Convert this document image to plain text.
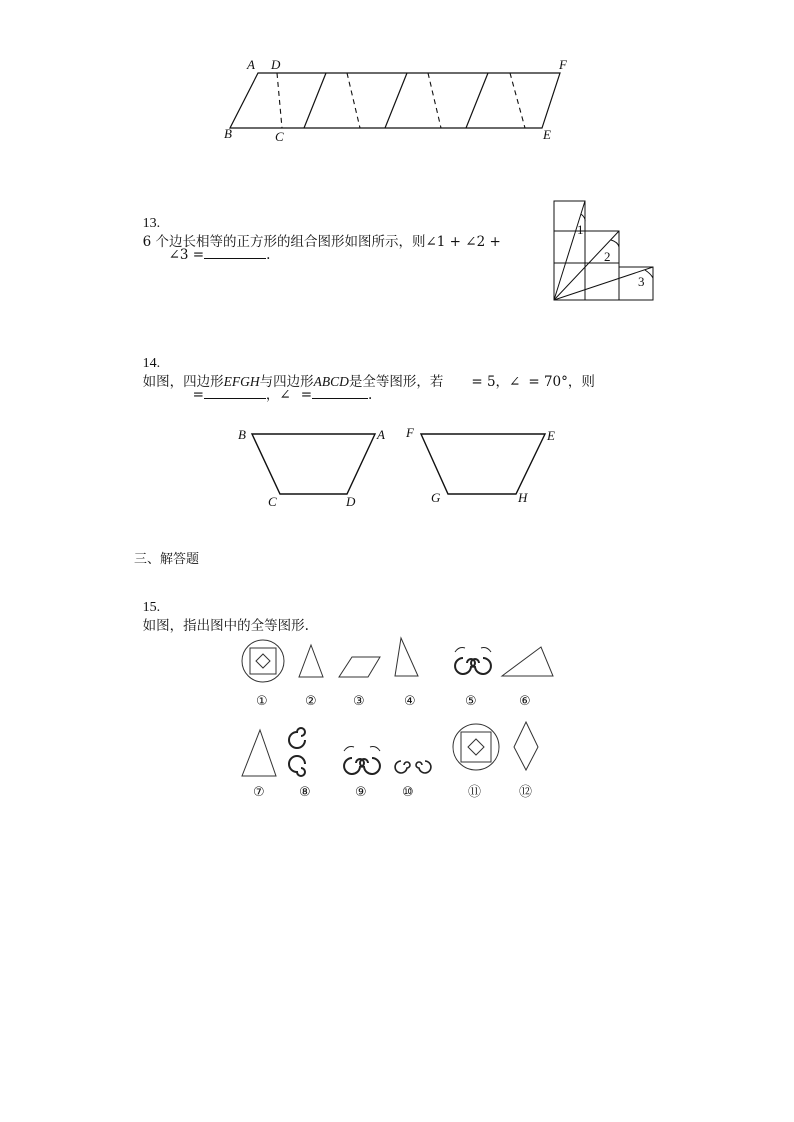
A D	F
B	C	E

13.
6 个边长相等的正方形的组合图形如图所示，则∠1 + ∠2 +

∠3 =	.

1
2
3

14.
如图，四边形EFGH与四边形ABCD是全等图形，若 = 5，∠ = 70°，则

=	，∠ =	.

B	A
C	D
F	E
G	H
三、解答题

15.
如图，指出图中的全等图形.

①	②	③	④	⑤	⑥
⑦	⑧	⑨	⑩	⑪	⑫
